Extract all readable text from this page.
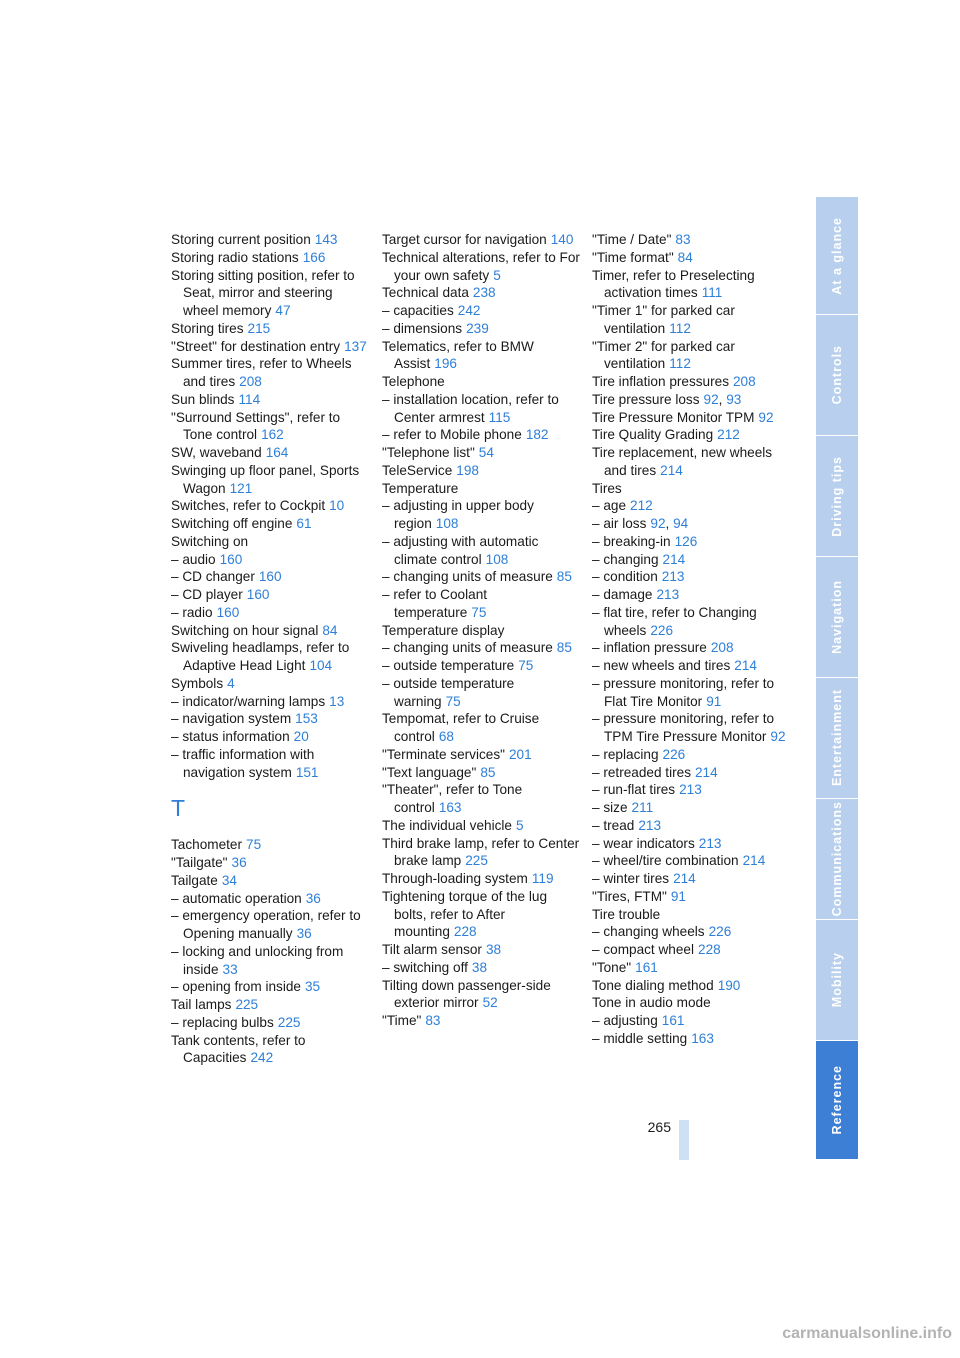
Storing current position 143

Storing radio stations 166

Storing sitting position, refer to Seat, mirror and steering wheel memory 47

Storing tires 215

"Street" for destination entry 137

Summer tires, refer to Wheels and tires 208

Sun blinds 114

"Surround Settings", refer to Tone control 162

SW, waveband 164

Swinging up floor panel, Sports Wagon 121

Switches, refer to Cockpit 10

Switching off engine 61

Switching on

– audio 160

– CD changer 160

– CD player 160

– radio 160

Switching on hour signal 84

Swiveling headlamps, refer to Adaptive Head Light 104

Symbols 4

– indicator/warning lamps 13

– navigation system 153

– status information 20

– traffic information with navigation system 151

T

Tachometer 75

"Tailgate" 36

Tailgate 34

– automatic operation 36

– emergency operation, refer to Opening manually 36

– locking and unlocking from inside 33

– opening from inside 35

Tail lamps 225

– replacing bulbs 225

Tank contents, refer to Capacities 242

Target cursor for navigation 140

Technical alterations, refer to For your own safety 5

Technical data 238

– capacities 242

– dimensions 239

Telematics, refer to BMW Assist 196

Telephone

– installation location, refer to Center armrest 115

– refer to Mobile phone 182

"Telephone list" 54

TeleService 198

Temperature

– adjusting in upper body region 108

– adjusting with automatic climate control 108

– changing units of measure 85

– refer to Coolant temperature 75

Temperature display

– changing units of measure 85

– outside temperature 75

– outside temperature warning 75

Tempomat, refer to Cruise control 68

"Terminate services" 201

"Text language" 85

"Theater", refer to Tone control 163

The individual vehicle 5

Third brake lamp, refer to Center brake lamp 225

Through-loading system 119

Tightening torque of the lug bolts, refer to After mounting 228

Tilt alarm sensor 38

– switching off 38

Tilting down passenger-side exterior mirror 52

"Time" 83

"Time / Date" 83

"Time format" 84

Timer, refer to Preselecting activation times 111

"Timer 1" for parked car ventilation 112

"Timer 2" for parked car ventilation 112

Tire inflation pressures 208

Tire pressure loss 92, 93

Tire Pressure Monitor TPM 92

Tire Quality Grading 212

Tire replacement, new wheels and tires 214

Tires

– age 212

– air loss 92, 94

– breaking-in 126

– changing 214

– condition 213

– damage 213

– flat tire, refer to Changing wheels 226

– inflation pressure 208

– new wheels and tires 214

– pressure monitoring, refer to Flat Tire Monitor 91

– pressure monitoring, refer to TPM Tire Pressure Monitor 92

– replacing 226

– retreaded tires 214

– run-flat tires 213

– size 211

– tread 213

– wear indicators 213

– wheel/tire combination 214

– winter tires 214

"Tires, FTM" 91

Tire trouble

– changing wheels 226

– compact wheel 228

"Tone" 161

Tone dialing method 190

Tone in audio mode

– adjusting 161

– middle setting 163

At a glance
Controls
Driving tips
Navigation
Entertainment
Communications
Mobility
Reference
265
carmanualsonline.info
